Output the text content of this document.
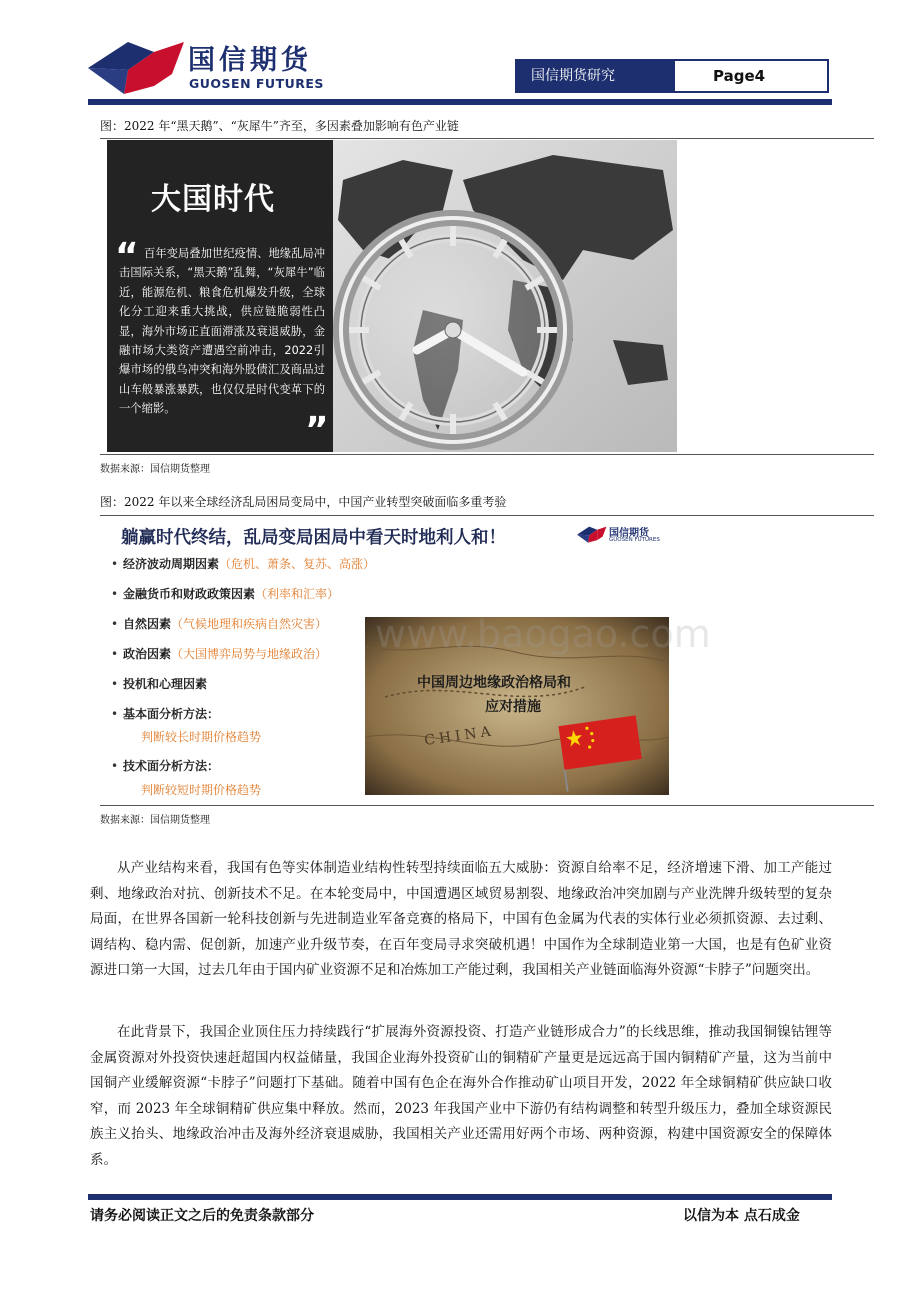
国信期货
GUOSEN FUTURES	国信期货研究	Page4
图：2022 年“黑天鹅”、“灰犀牛”齐至，多因素叠加影响有色产业链
大国时代
“ 百年变局叠加世纪疫情、地缘乱局冲击国际关系，“黑天鹅”乱舞，“灰犀牛”临近，能源危机、粮食危机爆发升级，全球化分工迎来重大挑战，供应链脆弱性凸显，海外市场正直面滞涨及衰退威胁，金融市场大类资产遭遇空前冲击，2022引爆市场的俄乌冲突和海外股债汇及商品过山车般暴涨暴跌，也仅仅是时代变革下的一个缩影。
”
数据来源：国信期货整理
图：2022 年以来全球经济乱局困局变局中，中国产业转型突破面临多重考验
躺赢时代终结，乱局变局困局中看天时地利人和！	国信期货
GUOSEN FUTURES
• 经济波动周期因素（危机、萧条、复苏、高涨）
• 金融货币和财政政策因素（利率和汇率）
• 自然因素（气候地理和疾病自然灾害）
• 政治因素（大国博弈局势与地缘政治）
• 投机和心理因素
• 基本面分析方法：
判断较长时期价格趋势
• 技术面分析方法：
判断较短时期价格趋势
CHINA
中国周边地缘政治格局和
应对措施
www.baogao.com
数据来源：国信期货整理

从产业结构来看，我国有色等实体制造业结构性转型持续面临五大威胁：资源自给率不足，经济增速下滑、加工产能过剩、地缘政治对抗、创新技术不足。在本轮变局中，中国遭遇区域贸易割裂、地缘政治冲突加剧与产业洗牌升级转型的复杂局面，在世界各国新一轮科技创新与先进制造业军备竞赛的格局下，中国有色金属为代表的实体行业必须抓资源、去过剩、调结构、稳内需、促创新，加速产业升级节奏，在百年变局寻求突破机遇！中国作为全球制造业第一大国，也是有色矿业资源进口第一大国，过去几年由于国内矿业资源不足和冶炼加工产能过剩，我国相关产业链面临海外资源“卡脖子”问题突出。

在此背景下，我国企业顶住压力持续践行“扩展海外资源投资、打造产业链形成合力”的长线思维，推动我国铜镍钴锂等金属资源对外投资快速赶超国内权益储量，我国企业海外投资矿山的铜精矿产量更是远远高于国内铜精矿产量，这为当前中国铜产业缓解资源“卡脖子”问题打下基础。随着中国有色企在海外合作推动矿山项目开发，2022 年全球铜精矿供应缺口收窄，而 2023 年全球铜精矿供应集中释放。然而，2023 年我国产业中下游仍有结构调整和转型升级压力，叠加全球资源民族主义抬头、地缘政治冲击及海外经济衰退威胁，我国相关产业还需用好两个市场、两种资源，构建中国资源安全的保障体系。

请务必阅读正文之后的免责条款部分	以信为本 点石成金
